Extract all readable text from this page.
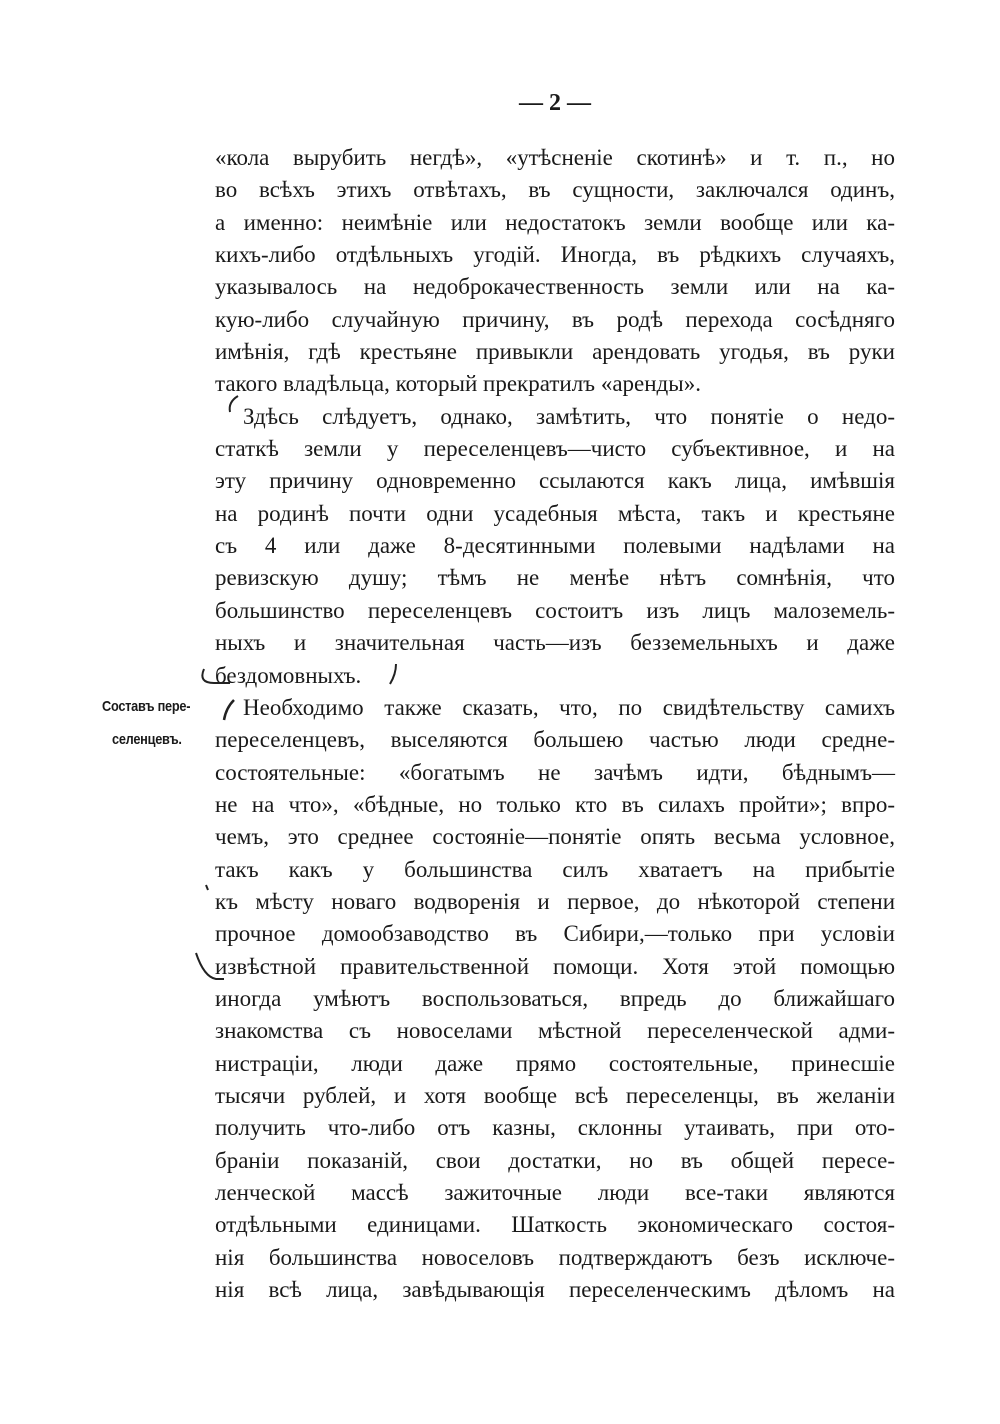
— 2 —
«кола вырубить негдѣ», «утѣсненіе скотинѣ» и т. п., но
во всѣхъ этихъ отвѣтахъ, въ сущности, заключался одинъ,
а именно: неимѣніе или недостатокъ земли вообще или ка-
кихъ-либо отдѣльныхъ угодій. Иногда, въ рѣдкихъ случаяхъ,
указывалось на недоброкачественность земли или на ка-
кую-либо случайную причину, въ родѣ перехода сосѣдняго
имѣнія, гдѣ крестьяне привыкли арендовать угодья, въ руки
такого владѣльца, который прекратилъ «аренды».
Здѣсь слѣдуетъ, однако, замѣтить, что понятіе о недо-
статкѣ земли у переселенцевъ—чисто субъективное, и на
эту причину одновременно ссылаются какъ лица, имѣвшія
на родинѣ почти одни усадебныя мѣста, такъ и крестьяне
съ 4 или даже 8-десятинными полевыми надѣлами на
ревизскую душу; тѣмъ не менѣе нѣтъ сомнѣнія, что
большинство переселенцевъ состоитъ изъ лицъ малоземель-
ныхъ и значительная часть—изъ безземельныхъ и даже
бездомовныхъ.
Необходимо также сказать, что, по свидѣтельству самихъ
переселенцевъ, выселяются большею частью люди средне-
состоятельные: «богатымъ не зачѣмъ идти, бѣднымъ—
не на что», «бѣдные, но только кто въ силахъ пройти»; впро-
чемъ, это среднее состояніе—понятіе опять весьма условное,
такъ какъ у большинства силъ хватаетъ на прибытіе
къ мѣсту новаго водворенія и первое, до нѣкоторой степени
прочное домообзаводство въ Сибири,—только при условіи
извѣстной правительственной помощи. Хотя этой помощью
иногда умѣютъ воспользоваться, впредь до ближайшаго
знакомства съ новоселами мѣстной переселенческой адми-
нистраціи, люди даже прямо состоятельные, принесшіе
тысячи рублей, и хотя вообще всѣ переселенцы, въ желаніи
получить что-либо отъ казны, склонны утаивать, при ото-
браніи показаній, свои достатки, но въ общей пересе-
ленческой массѣ зажиточные люди все-таки являются
отдѣльными единицами. Шаткость экономическаго состоя-
нія большинства новоселовъ подтверждаютъ безъ исключе-
нія всѣ лица, завѣдывающія переселенческимъ дѣломъ на
Составъ пере-
селенцевъ.
